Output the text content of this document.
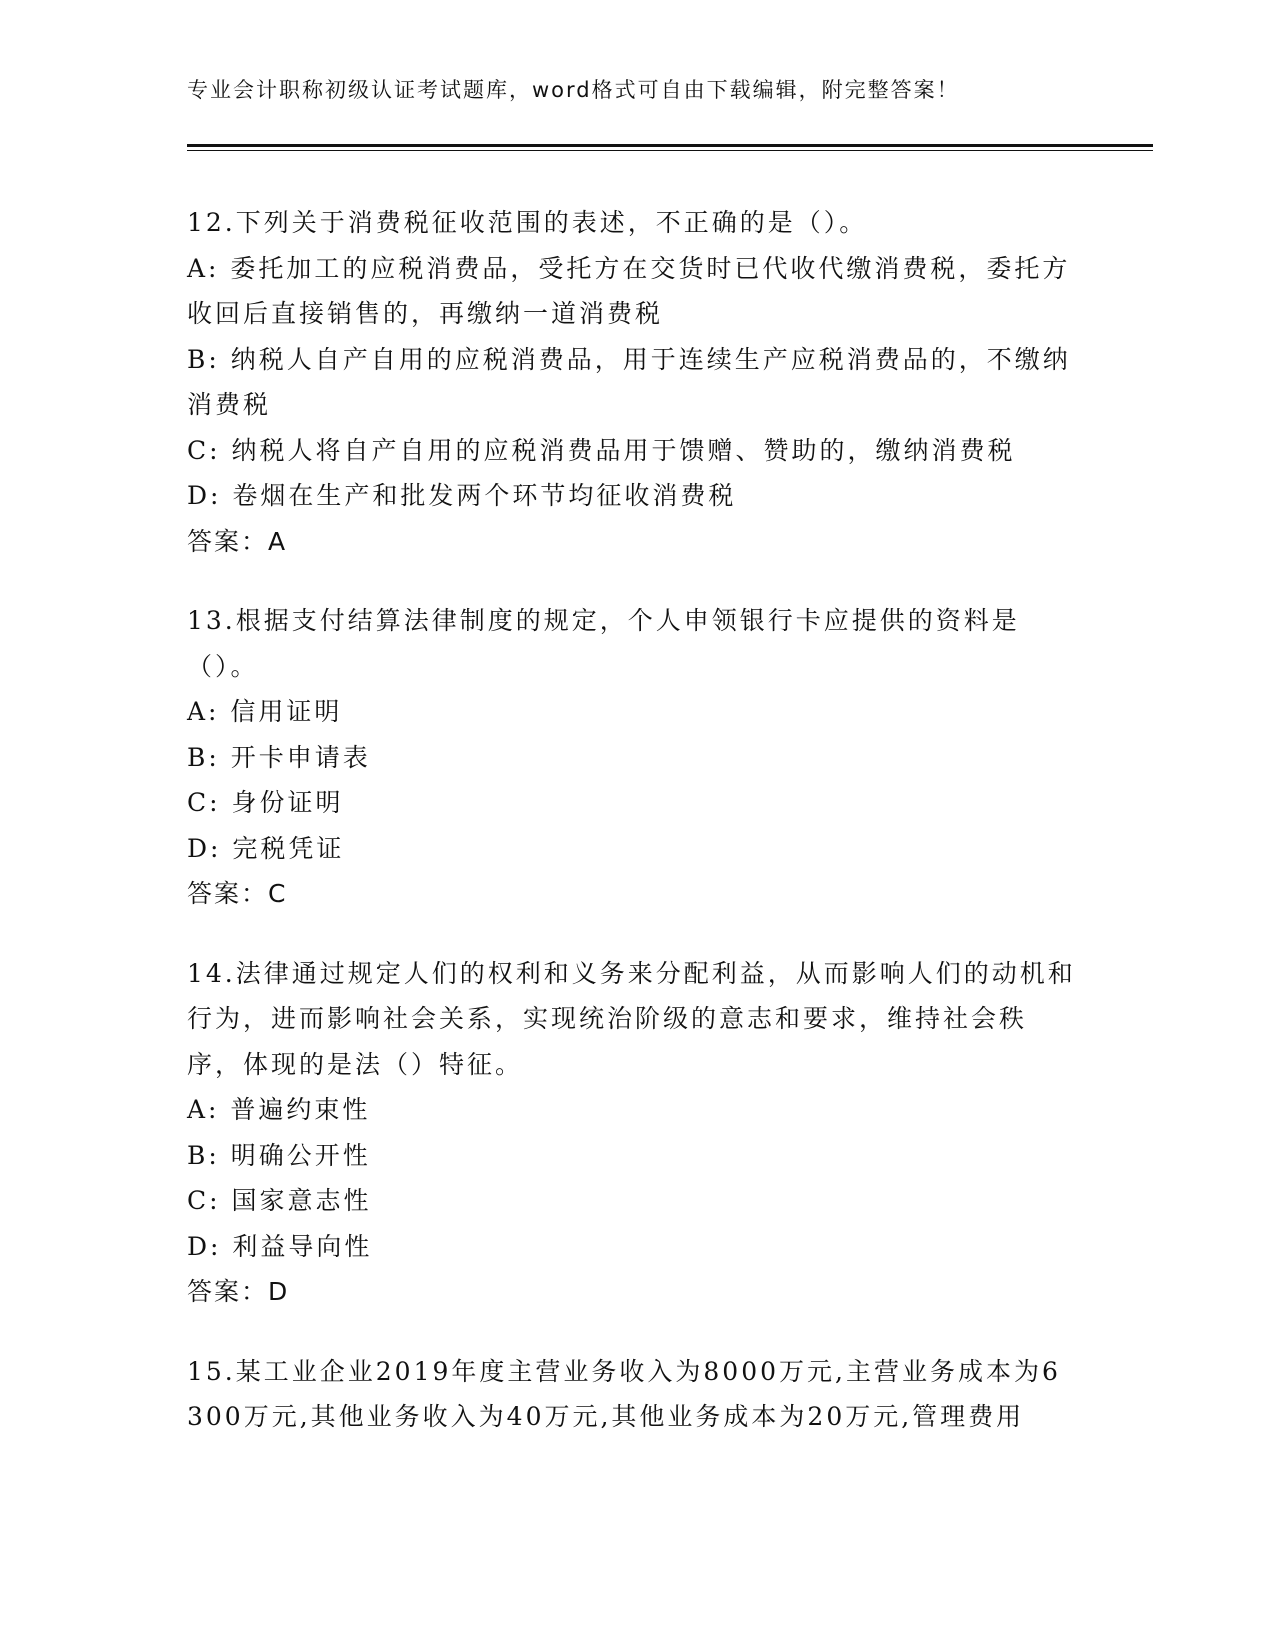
专业会计职称初级认证考试题库，word格式可自由下载编辑，附完整答案！
12.下列关于消费税征收范围的表述，不正确的是（）。
A: 委托加工的应税消费品，受托方在交货时已代收代缴消费税，委托方收回后直接销售的，再缴纳一道消费税
B: 纳税人自产自用的应税消费品，用于连续生产应税消费品的，不缴纳消费税
C: 纳税人将自产自用的应税消费品用于馈赠、赞助的，缴纳消费税
D: 卷烟在生产和批发两个环节均征收消费税
答案：A
13.根据支付结算法律制度的规定，个人申领银行卡应提供的资料是（）。
A: 信用证明
B: 开卡申请表
C: 身份证明
D: 完税凭证
答案：C
14.法律通过规定人们的权利和义务来分配利益，从而影响人们的动机和行为，进而影响社会关系，实现统治阶级的意志和要求，维持社会秩序，体现的是法（）特征。
A: 普遍约束性
B: 明确公开性
C: 国家意志性
D: 利益导向性
答案：D
15.某工业企业2019年度主营业务收入为8000万元,主营业务成本为6300万元,其他业务收入为40万元,其他业务成本为20万元,管理费用
